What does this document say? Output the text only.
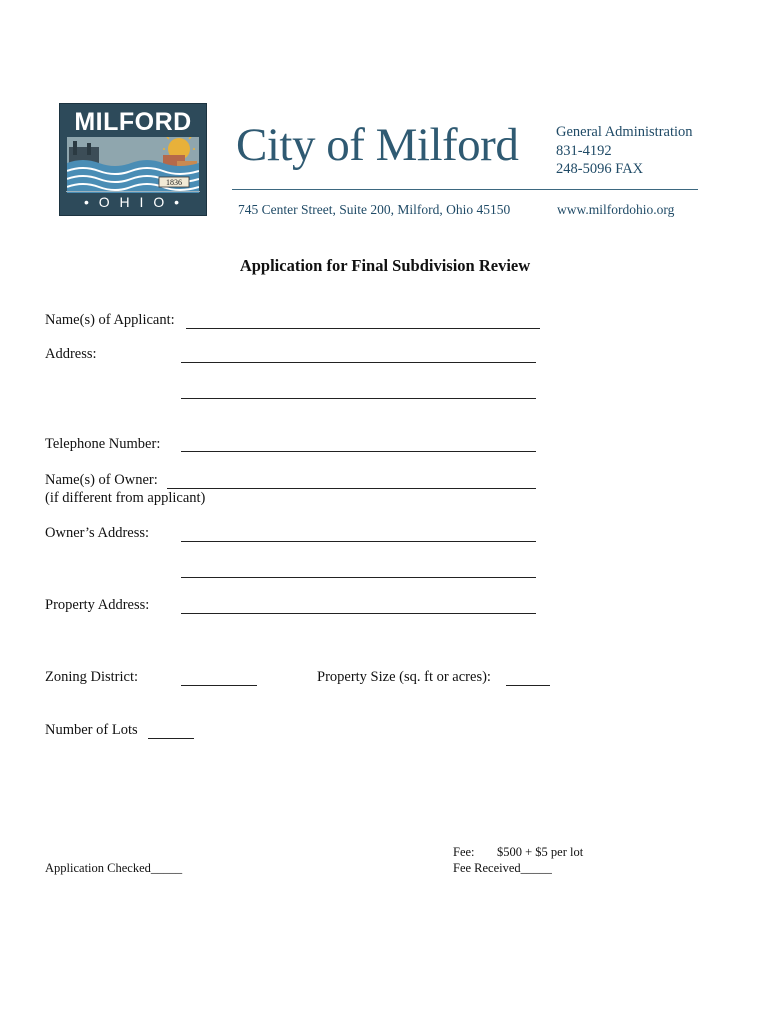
MILFORD
1836
• O H I O •
City of Milford	General Administration
831-4192
248-5096 FAX
745 Center Street, Suite 200, Milford, Ohio 45150	www.milfordohio.org
Application for Final Subdivision Review
Name(s) of Applicant:
Address:
Telephone Number:
Name(s) of Owner:
(if different from applicant)
Owner’s Address:
Property Address:
Zoning District:	Property Size (sq. ft or acres):
Number of Lots
Application Checked_____
Fee: $500 + $5 per lot
Fee Received_____
